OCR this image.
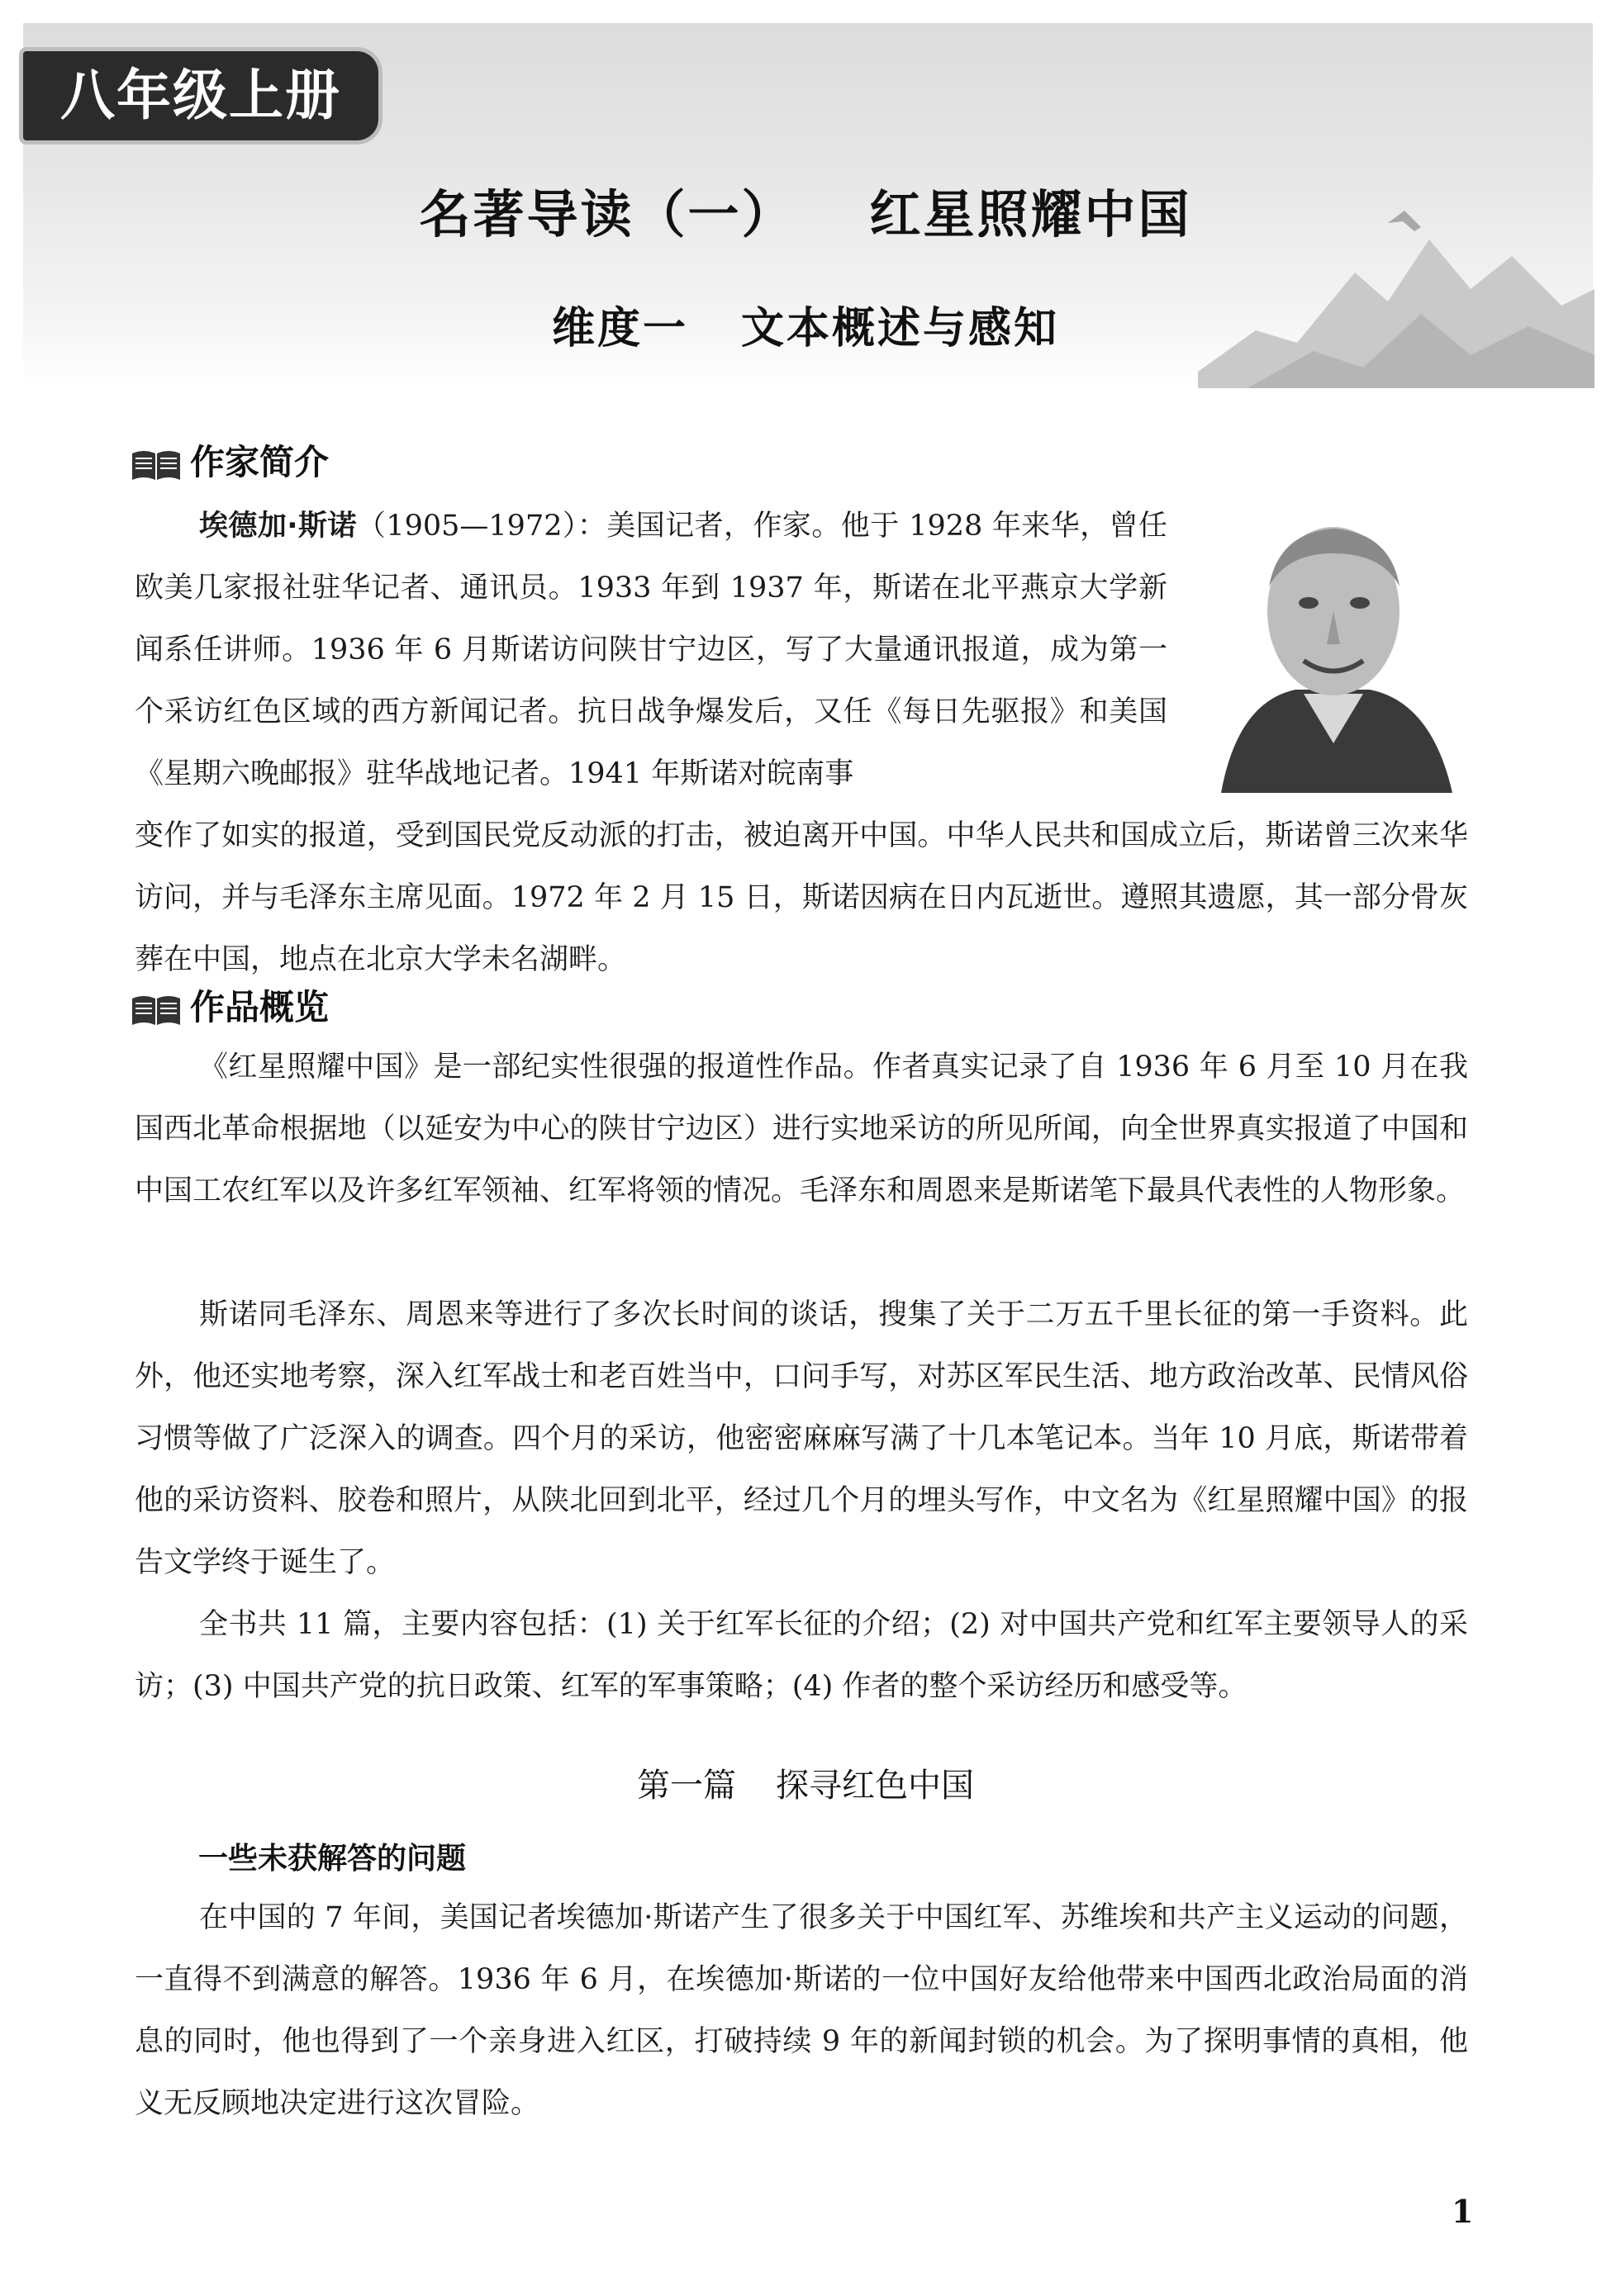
八年级上册
名著导读（一） 红星照耀中国
维度一 文本概述与感知
作家简介

埃德加·斯诺（1905—1972）：美国记者，作家。他于 1928 年来华，曾任欧美几家报社驻华记者、通讯员。1933 年到 1937 年，斯诺在北平燕京大学新闻系任讲师。1936 年 6 月斯诺访问陕甘宁边区，写了大量通讯报道，成为第一个采访红色区域的西方新闻记者。抗日战争爆发后，又任《每日先驱报》和美国《星期六晚邮报》驻华战地记者。1941 年斯诺对皖南事

变作了如实的报道，受到国民党反动派的打击，被迫离开中国。中华人民共和国成立后，斯诺曾三次来华访问，并与毛泽东主席见面。1972 年 2 月 15 日，斯诺因病在日内瓦逝世。遵照其遗愿，其一部分骨灰葬在中国，地点在北京大学未名湖畔。

作品概览

《红星照耀中国》是一部纪实性很强的报道性作品。作者真实记录了自 1936 年 6 月至 10 月在我国西北革命根据地（以延安为中心的陕甘宁边区）进行实地采访的所见所闻，向全世界真实报道了中国和中国工农红军以及许多红军领袖、红军将领的情况。毛泽东和周恩来是斯诺笔下最具代表性的人物形象。

斯诺同毛泽东、周恩来等进行了多次长时间的谈话，搜集了关于二万五千里长征的第一手资料。此外，他还实地考察，深入红军战士和老百姓当中，口问手写，对苏区军民生活、地方政治改革、民情风俗习惯等做了广泛深入的调查。四个月的采访，他密密麻麻写满了十几本笔记本。当年 10 月底，斯诺带着他的采访资料、胶卷和照片，从陕北回到北平，经过几个月的埋头写作，中文名为《红星照耀中国》的报告文学终于诞生了。

全书共 11 篇，主要内容包括：(1) 关于红军长征的介绍；(2) 对中国共产党和红军主要领导人的采访；(3) 中国共产党的抗日政策、红军的军事策略；(4) 作者的整个采访经历和感受等。

第一篇 探寻红色中国
一些未获解答的问题

在中国的 7 年间，美国记者埃德加·斯诺产生了很多关于中国红军、苏维埃和共产主义运动的问题，一直得不到满意的解答。1936 年 6 月，在埃德加·斯诺的一位中国好友给他带来中国西北政治局面的消息的同时，他也得到了一个亲身进入红区，打破持续 9 年的新闻封锁的机会。为了探明事情的真相，他义无反顾地决定进行这次冒险。

1
